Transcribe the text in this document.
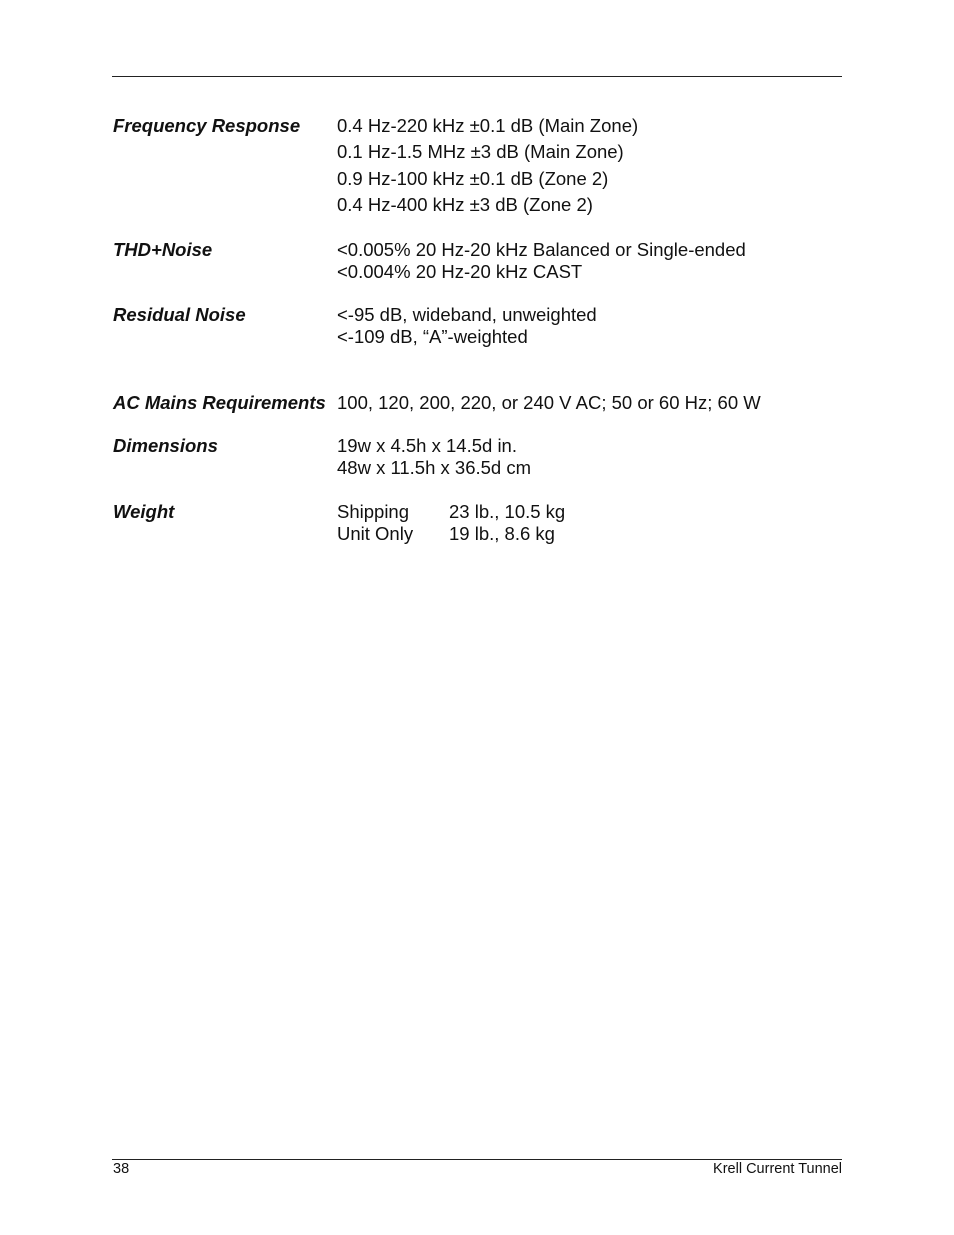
Frequency Response 0.4 Hz-220 kHz ±0.1 dB (Main Zone)
0.1 Hz-1.5 MHz ±3 dB (Main Zone)
0.9 Hz-100 kHz ±0.1 dB (Zone 2)
0.4 Hz-400 kHz ±3 dB (Zone 2)
THD+Noise	<0.005% 20 Hz-20 kHz Balanced or Single-ended
<0.004% 20 Hz-20 kHz CAST
Residual Noise	<-95 dB, wideband, unweighted
<-109 dB, “A”-weighted
AC Mains Requirements 100, 120, 200, 220, or 240 V AC; 50 or 60 Hz; 60 W
Dimensions	19w x 4.5h x 14.5d in.
48w x 11.5h x 36.5d cm
Weight	Shipping 23 lb., 10.5 kg
Unit Only 19 lb., 8.6 kg
38	Krell Current Tunnel
